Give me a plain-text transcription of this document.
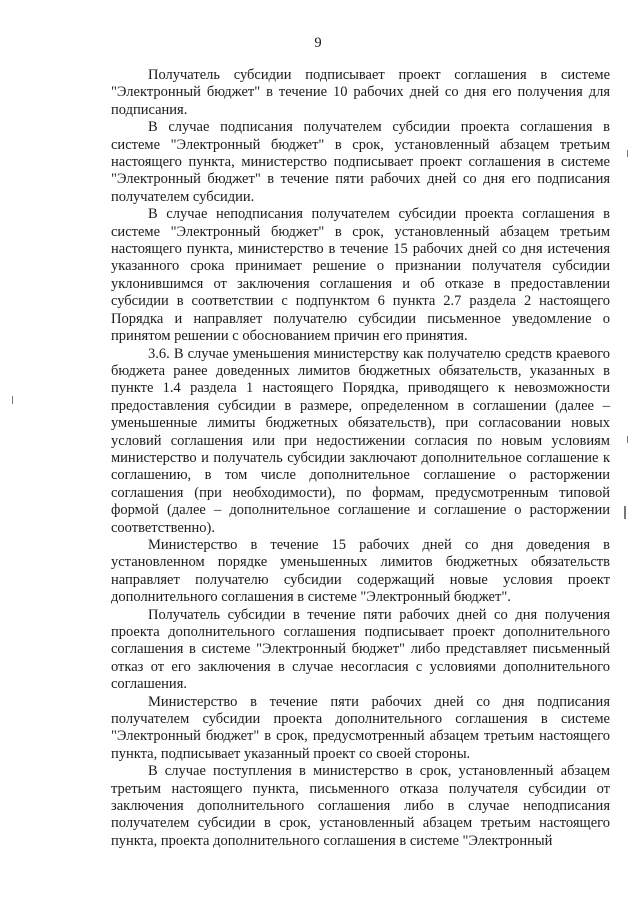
9

Получатель субсидии подписывает проект соглашения в системе "Электронный бюджет" в течение 10 рабочих дней со дня его получения для подписания.

В случае подписания получателем субсидии проекта соглашения в системе "Электронный бюджет" в срок, установленный абзацем третьим настоящего пункта, министерство подписывает проект соглашения в системе "Электронный бюджет" в течение пяти рабочих дней со дня его подписания получателем субсидии.

В случае неподписания получателем субсидии проекта соглашения в системе "Электронный бюджет" в срок, установленный абзацем третьим настоящего пункта, министерство в течение 15 рабочих дней со дня истечения указанного срока принимает решение о признании получателя субсидии уклонившимся от заключения соглашения и об отказе в предоставлении субсидии в соответствии с подпунктом 6 пункта 2.7 раздела 2 настоящего Порядка и направляет получателю субсидии письменное уведомление о принятом решении с обоснованием причин его принятия.

3.6. В случае уменьшения министерству как получателю средств краевого бюджета ранее доведенных лимитов бюджетных обязательств, указанных в пункте 1.4 раздела 1 настоящего Порядка, приводящего к невозможности предоставления субсидии в размере, определенном в соглашении (далее – уменьшенные лимиты бюджетных обязательств), при согласовании новых условий соглашения или при недостижении согласия по новым условиям министерство и получатель субсидии заключают дополнительное соглашение к соглашению, в том числе дополнительное соглашение о расторжении соглашения (при необходимости), по формам, предусмотренным типовой формой (далее – дополнительное соглашение и соглашение о расторжении соответственно).

Министерство в течение 15 рабочих дней со дня доведения в установленном порядке уменьшенных лимитов бюджетных обязательств направляет получателю субсидии содержащий новые условия проект дополнительного соглашения в системе "Электронный бюджет".

Получатель субсидии в течение пяти рабочих дней со дня получения проекта дополнительного соглашения подписывает проект дополнительного соглашения в системе "Электронный бюджет" либо представляет письменный отказ от его заключения в случае несогласия с условиями дополнительного соглашения.

Министерство в течение пяти рабочих дней со дня подписания получателем субсидии проекта дополнительного соглашения в системе "Электронный бюджет" в срок, предусмотренный абзацем третьим настоящего пункта, подписывает указанный проект со своей стороны.

В случае поступления в министерство в срок, установленный абзацем третьим настоящего пункта, письменного отказа получателя субсидии от заключения дополнительного соглашения либо в случае неподписания получателем субсидии в срок, установленный абзацем третьим настоящего пункта, проекта дополнительного соглашения в системе "Электронный
